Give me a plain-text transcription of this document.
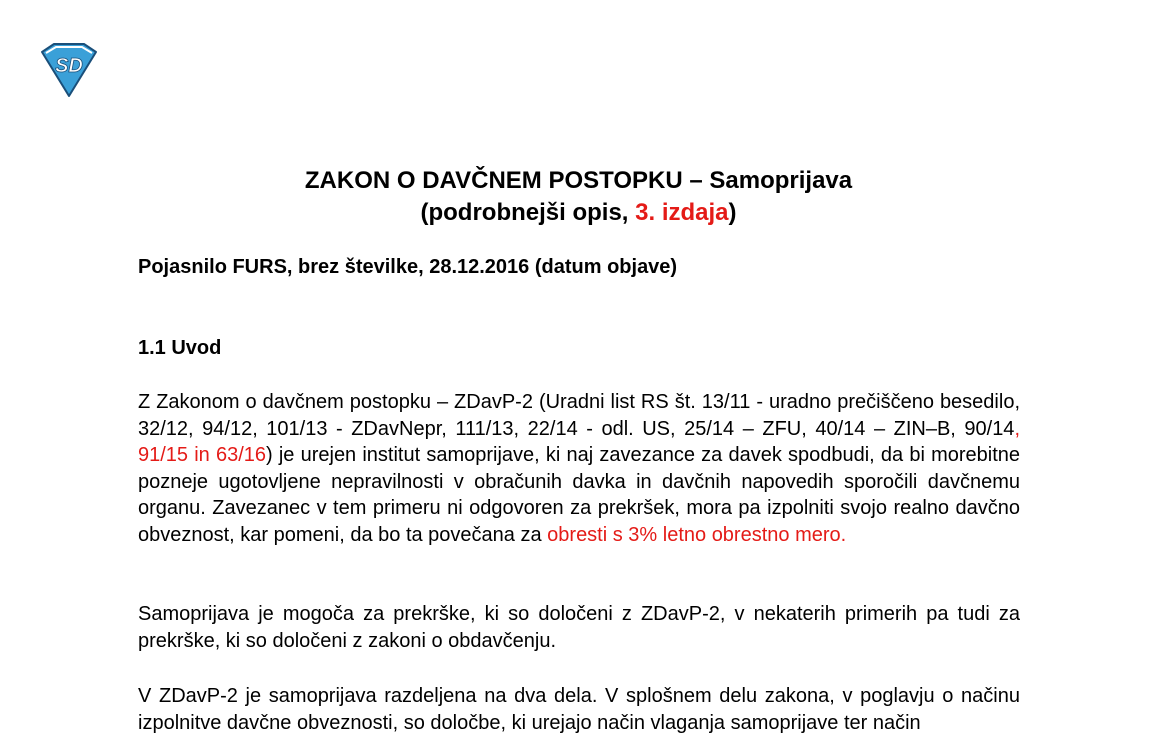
SD
ZAKON O DAVČNEM POSTOPKU – Samoprijava
(podrobnejši opis, 3. izdaja)
Pojasnilo FURS, brez številke, 28.12.2016 (datum objave)
1.1 Uvod

Z Zakonom o davčnem postopku – ZDavP-2 (Uradni list RS št. 13/11 - uradno prečiščeno besedilo, 32/12, 94/12, 101/13 - ZDavNepr, 111/13, 22/14 - odl. US, 25/14 – ZFU, 40/14 – ZIN–B, 90/14, 91/15 in 63/16) je urejen institut samoprijave, ki naj zavezance za davek spodbudi, da bi morebitne pozneje ugotovljene nepravilnosti v obračunih davka in davčnih napovedih sporočili davčnemu organu. Zavezanec v tem primeru ni odgovoren za prekršek, mora pa izpolniti svojo realno davčno obveznost, kar pomeni, da bo ta povečana za obresti s 3% letno obrestno mero.

Samoprijava je mogoča za prekrške, ki so določeni z ZDavP-2, v nekaterih primerih pa tudi za prekrške, ki so določeni z zakoni o obdavčenju.

V ZDavP-2 je samoprijava razdeljena na dva dela. V splošnem delu zakona, v poglavju o načinu izpolnitve davčne obveznosti, so določbe, ki urejajo način vlaganja samoprijave ter način
